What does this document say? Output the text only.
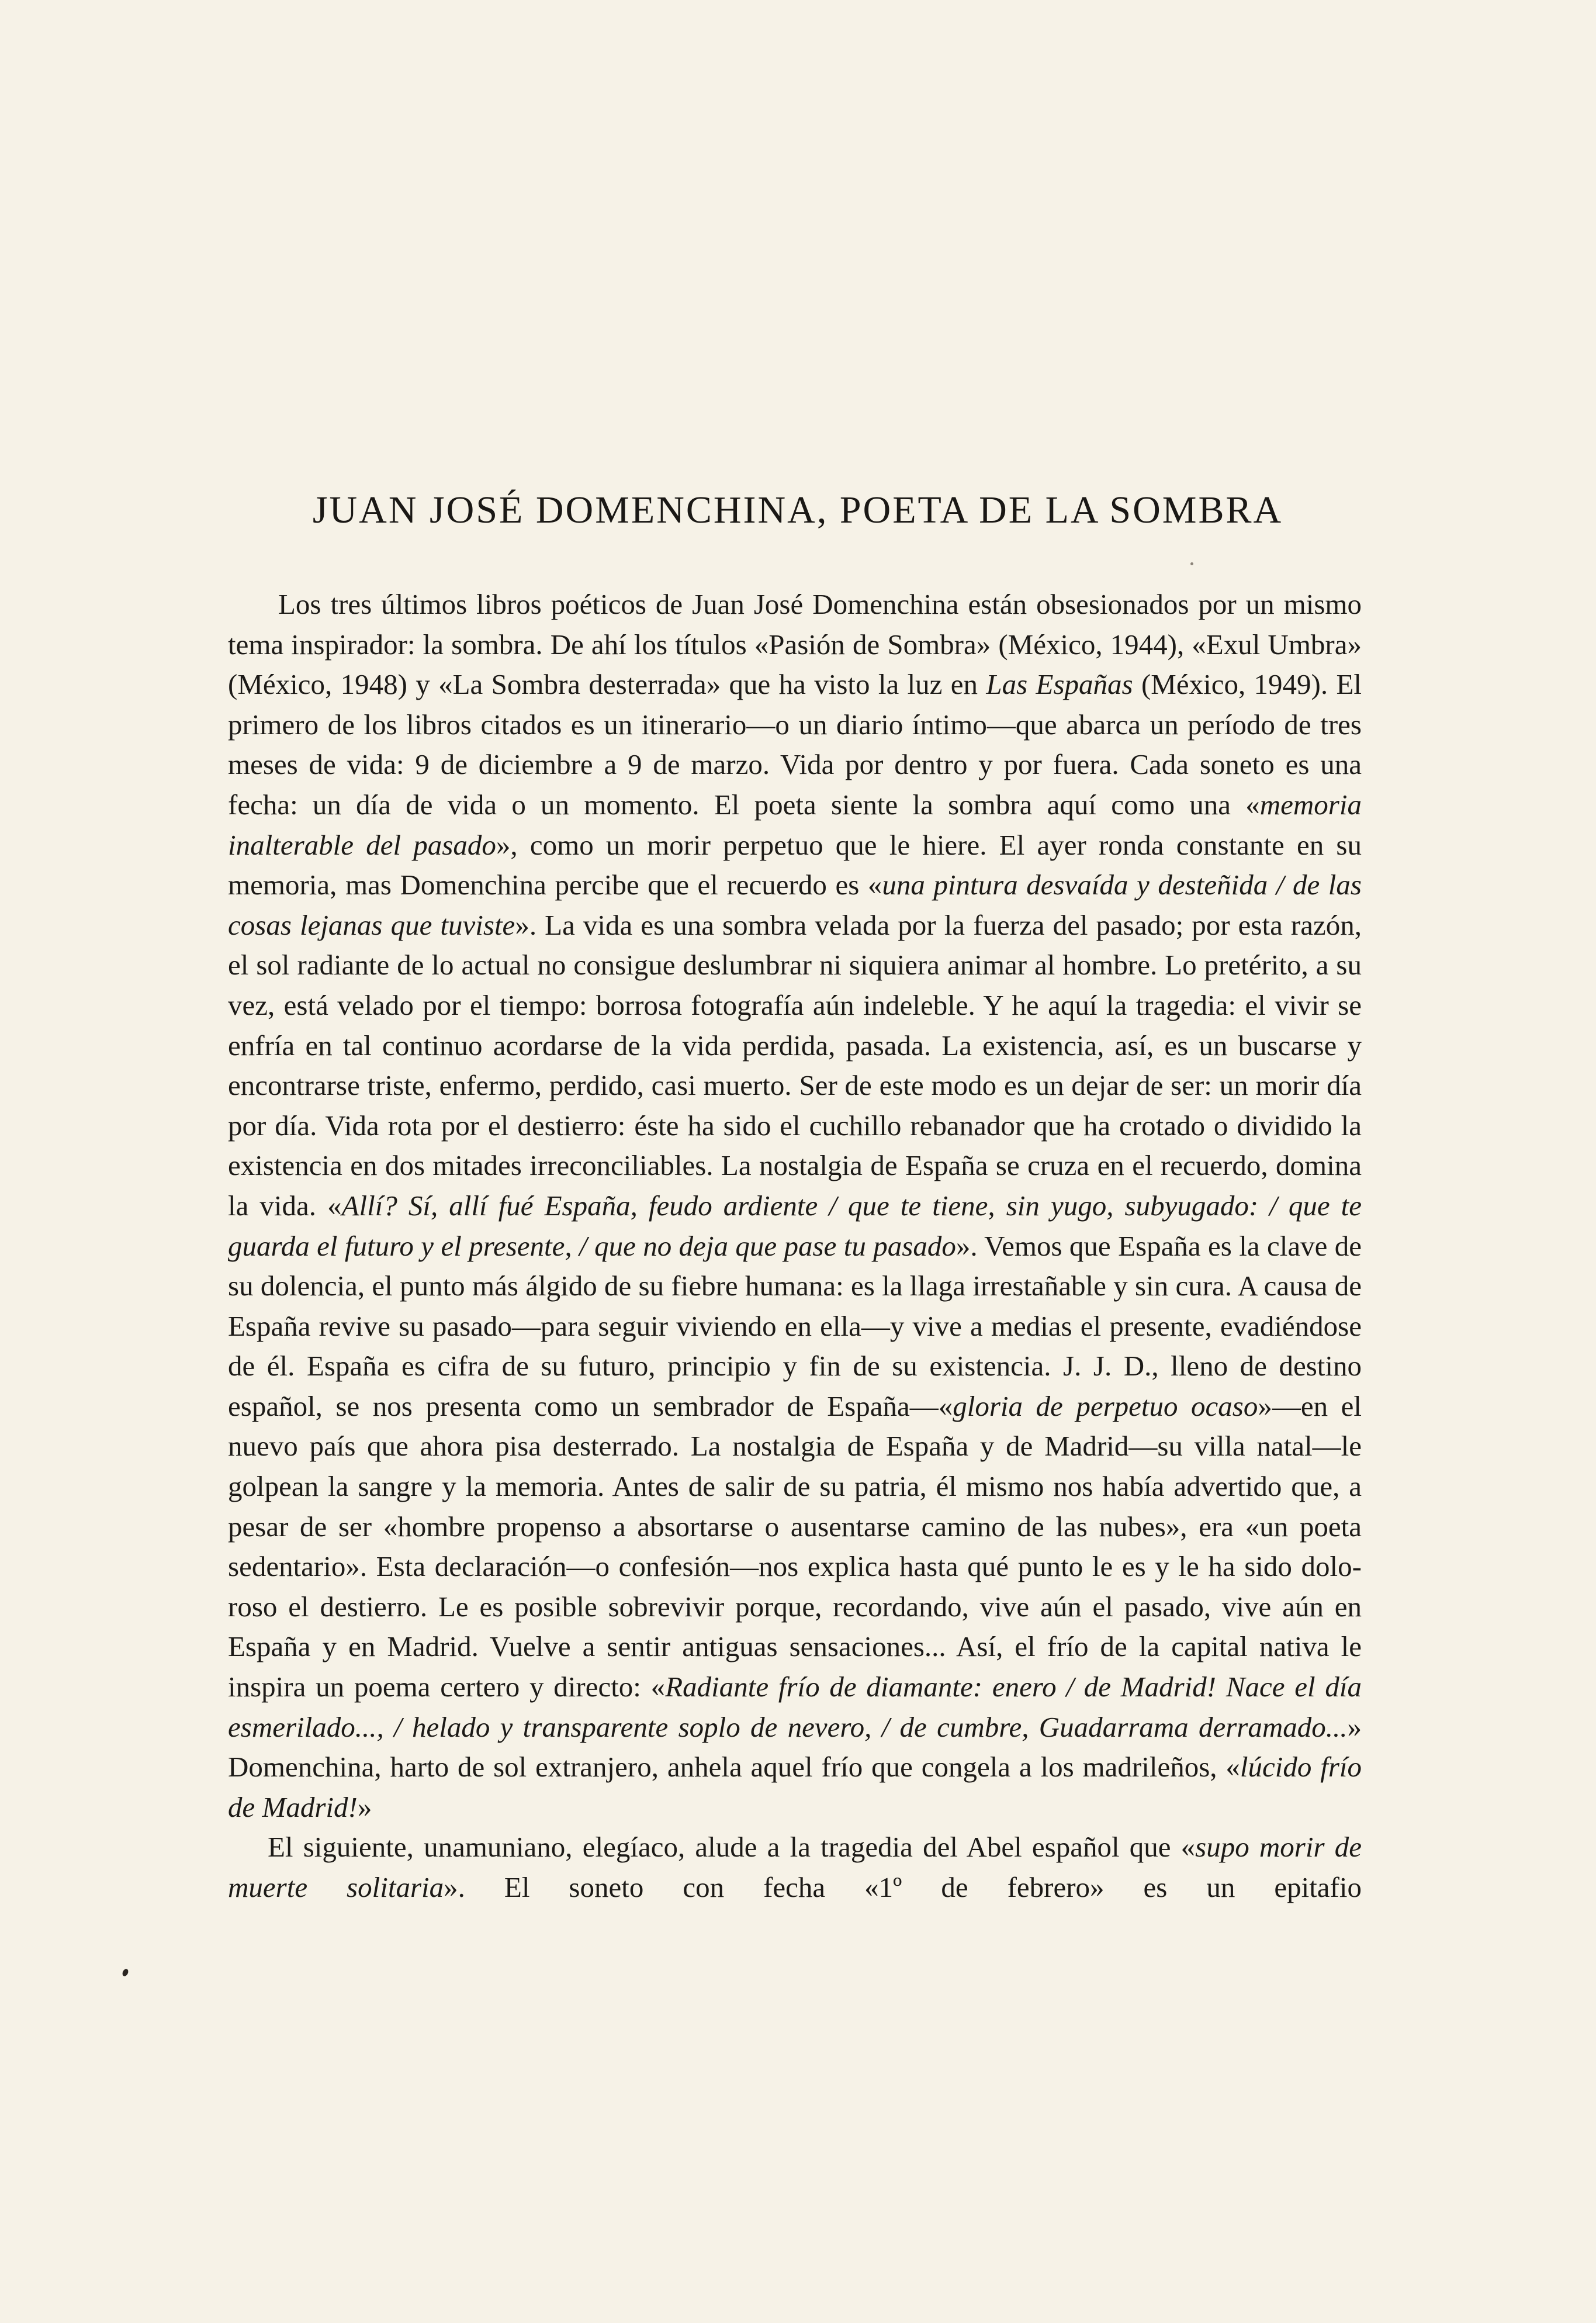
JUAN JOSÉ DOMENCHINA, POETA DE LA SOMBRA

Los tres últimos libros poéticos de Juan José Domenchina están obsesionados por un mismo tema inspirador: la sombra. De ahí los títulos «Pasión de Sombra» (México, 1944), «Exul Umbra» (México, 1948) y «La Sombra desterrada» que ha visto la luz en Las Españas (México, 1949). El primero de los libros citados es un itinerario—o un diario íntimo—que abarca un período de tres meses de vida: 9 de diciembre a 9 de marzo. Vida por dentro y por fuera. Cada soneto es una fecha: un día de vida o un momento. El poeta siente la sombra aquí como una «memoria inalterable del pasado», como un morir perpetuo que le hiere. El ayer ronda constante en su memoria, mas Domenchina percibe que el recuerdo es «una pintura desvaída y desteñida / de las cosas lejanas que tuviste». La vida es una sombra velada por la fuerza del pasado; por esta razón, el sol radiante de lo actual no consigue deslumbrar ni siquiera animar al hombre. Lo pretérito, a su vez, está velado por el tiempo: borrosa fotografía aún indeleble. Y he aquí la tragedia: el vivir se enfría en tal continuo acordarse de la vida perdida, pasada. La existencia, así, es un buscarse y encontrarse triste, enfermo, perdido, casi muerto. Ser de este modo es un dejar de ser: un morir día por día. Vida rota por el destierro: éste ha sido el cuchillo rebanador que ha crotado o dividido la existencia en dos mitades irreconciliables. La nostalgia de España se cruza en el recuerdo, domina la vida. «Allí? Sí, allí fué España, feudo ardiente / que te tiene, sin yugo, subyugado: / que te guarda el futuro y el presente, / que no deja que pase tu pasado». Vemos que España es la clave de su dolencia, el punto más álgido de su fiebre humana: es la llaga irrestañable y sin cura. A causa de España revive su pasado—para seguir viviendo en ella—y vive a medias el presente, evadiéndose de él. España es cifra de su futuro, principio y fin de su existencia. J. J. D., lleno de destino español, se nos presenta como un sembrador de España—«gloria de perpetuo ocaso»—en el nuevo país que ahora pisa desterrado. La nostalgia de España y de Madrid—su villa natal—le golpean la sangre y la memoria. Antes de salir de su patria, él mismo nos había advertido que, a pesar de ser «hombre propenso a absortarse o ausentarse camino de las nubes», era «un poeta sedentario». Esta declaración—o confesión—nos explica hasta qué punto le es y le ha sido doloroso el destierro. Le es posible sobrevivir porque, recordando, vive aún el pasado, vive aún en España y en Madrid. Vuelve a sentir antiguas sensaciones... Así, el frío de la capital nativa le inspira un poema certero y directo: «Radiante frío de diamante: enero / de Madrid! Nace el día esmerilado..., / helado y transparente soplo de nevero, / de cumbre, Guadarrama derramado...» Domenchina, harto de sol extranjero, anhela aquel frío que congela a los madrileños, «lúcido frío de Madrid!»

El siguiente, unamuniano, elegíaco, alude a la tragedia del Abel español que «supo morir de muerte solitaria». El soneto con fecha «1º de febrero» es un epitafio
